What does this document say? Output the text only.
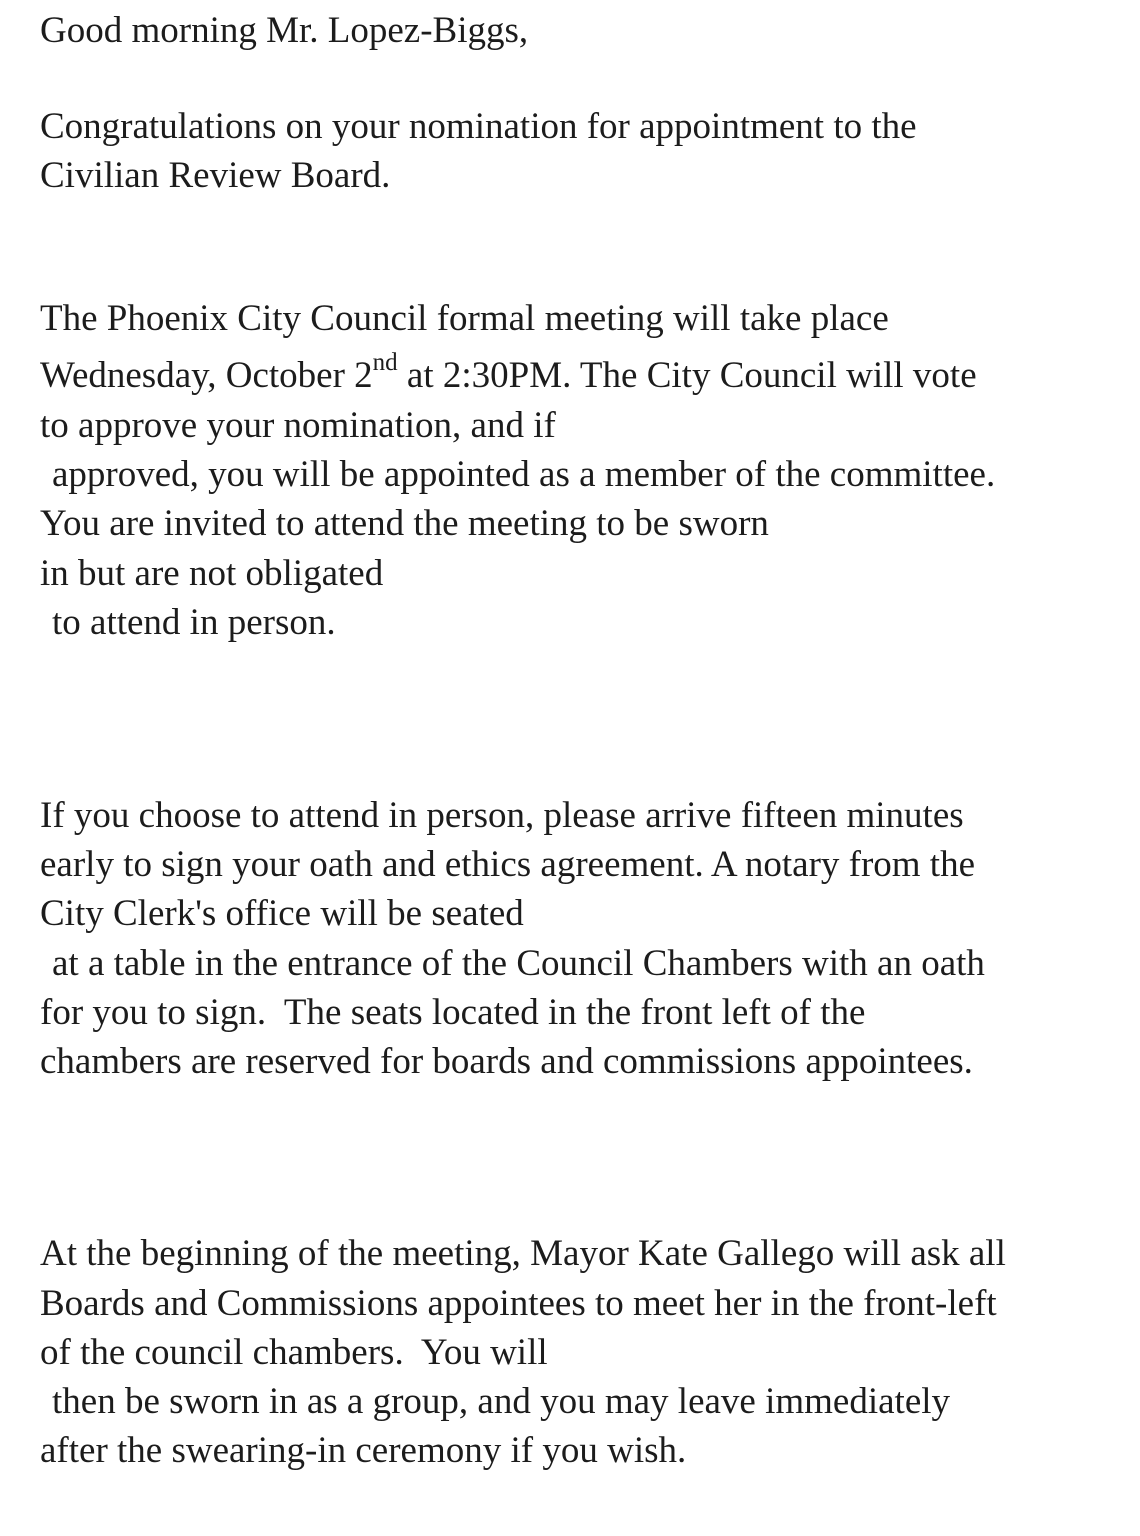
Good morning Mr. Lopez-Biggs,
Congratulations on your nomination for appointment to the
Civilian Review Board.
The Phoenix City Council formal meeting will take place
Wednesday, October 2nd at 2:30PM. The City Council will vote
to approve your nomination, and if
approved, you will be appointed as a member of the committee.
You are invited to attend the meeting to be sworn
in but are not obligated
to attend in person.
If you choose to attend in person, please arrive fifteen minutes
early to sign your oath and ethics agreement. A notary from the
City Clerk's office will be seated
at a table in the entrance of the Council Chambers with an oath
for you to sign.  The seats located in the front left of the
chambers are reserved for boards and commissions appointees.
At the beginning of the meeting, Mayor Kate Gallego will ask all
Boards and Commissions appointees to meet her in the front-left
of the council chambers.  You will
then be sworn in as a group, and you may leave immediately
after the swearing-in ceremony if you wish.
